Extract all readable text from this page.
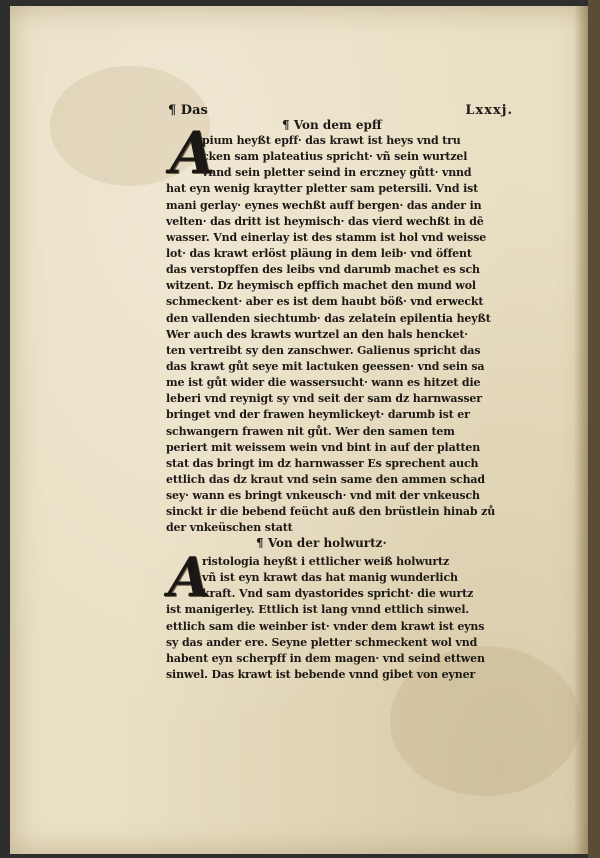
¶ Das	Lxxxj.
¶ Von dem epff
A
pium heyßt epff· das krawt ist heys vnd tru
cken sam plateatius spricht· vñ sein wurtzel
vnnd sein pletter seind in erczney gůtt· vnnd
hat eyn wenig kraytter pletter sam petersili. Vnd ist
mani gerlay· eynes wechßt auff bergen· das ander in
velten· das dritt ist heymisch· das vierd wechßt in dē
wasser. Vnd einerlay ist des stamm ist hol vnd weisse
lot· das krawt erlöst pläung in dem leib· vnd öffent
das verstopffen des leibs vnd darumb machet es sch
witzent. Dz heymisch epffich machet den mund wol
schmeckent· aber es ist dem haubt böß· vnd erweckt
den vallenden siechtumb· das zelatein epilentia heyßt
Wer auch des krawts wurtzel an den hals hencket·
ten vertreibt sy den zanschwer. Galienus spricht das
das krawt gůt seye mit lactuken geessen· vnd sein sa
me ist gůt wider die wassersucht· wann es hitzet die
leberi vnd reynigt sy vnd seit der sam dz harnwasser
bringet vnd der frawen heymlickeyt· darumb ist er
schwangern frawen nit gůt. Wer den samen tem
periert mit weissem wein vnd bint in auf der platten
stat das bringt im dz harnwasser Es sprechent auch
ettlich das dz kraut vnd sein same den ammen schad
sey· wann es bringt vnkeusch· vnd mit der vnkeusch
sinckt ir die bebend feücht auß den brüstlein hinab zů
der vnkeüschen statt
¶ Von der holwurtz·
A
ristologia heyßt i ettlicher weiß holwurtz
vñ ist eyn krawt das hat manig wunderlich
kraft. Vnd sam dyastorides spricht· die wurtz
ist manigerley. Ettlich ist lang vnnd ettlich sinwel.
ettlich sam die weinber ist· vnder dem krawt ist eyns
sy das ander ere. Seyne pletter schmeckent wol vnd
habent eyn scherpff in dem magen· vnd seind ettwen
sinwel. Das krawt ist bebende vnnd gibet von eyner
